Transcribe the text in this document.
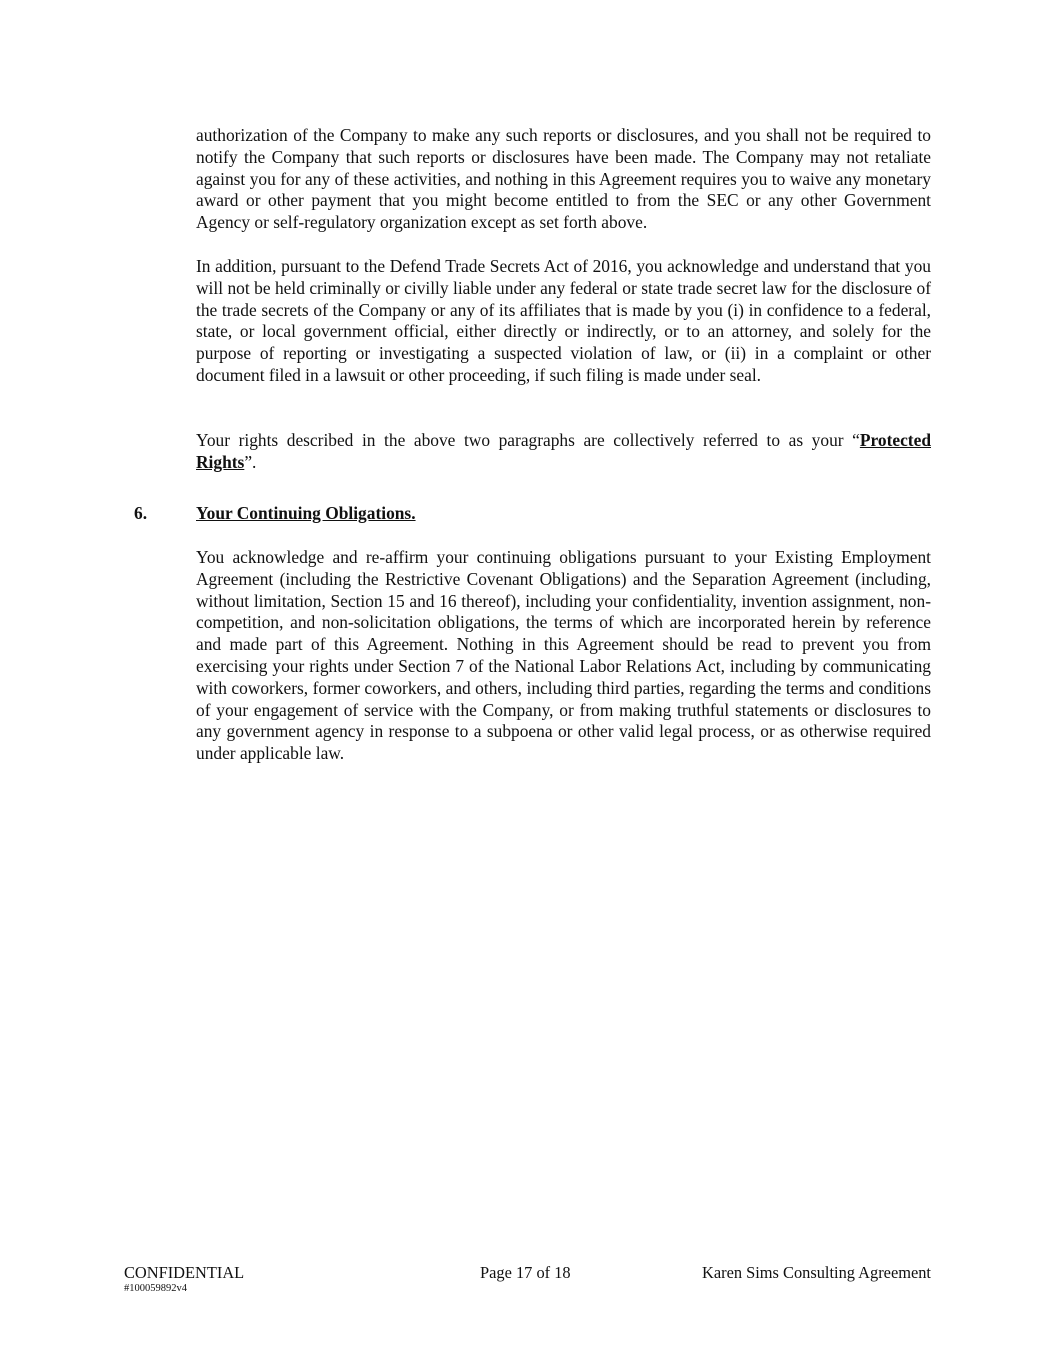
authorization of the Company to make any such reports or disclosures, and you shall not be required to notify the Company that such reports or disclosures have been made. The Company may not retaliate against you for any of these activities, and nothing in this Agreement requires you to waive any monetary award or other payment that you might become entitled to from the SEC or any other Government Agency or self-regulatory organization except as set forth above.

In addition, pursuant to the Defend Trade Secrets Act of 2016, you acknowledge and understand that you will not be held criminally or civilly liable under any federal or state trade secret law for the disclosure of the trade secrets of the Company or any of its affiliates that is made by you (i) in confidence to a federal, state, or local government official, either directly or indirectly, or to an attorney, and solely for the purpose of reporting or investigating a suspected violation of law, or (ii) in a complaint or other document filed in a lawsuit or other proceeding, if such filing is made under seal.

Your rights described in the above two paragraphs are collectively referred to as your “Protected Rights”.

6.	Your Continuing Obligations.

You acknowledge and re-affirm your continuing obligations pursuant to your Existing Employment Agreement (including the Restrictive Covenant Obligations) and the Separation Agreement (including, without limitation, Section 15 and 16 thereof), including your confidentiality, invention assignment, non-competition, and non-solicitation obligations, the terms of which are incorporated herein by reference and made part of this Agreement. Nothing in this Agreement should be read to prevent you from exercising your rights under Section 7 of the National Labor Relations Act, including by communicating with coworkers, former coworkers, and others, including third parties, regarding the terms and conditions of your engagement of service with the Company, or from making truthful statements or disclosures to any government agency in response to a subpoena or other valid legal process, or as otherwise required under applicable law.

CONFIDENTIAL	Page 17 of 18	Karen Sims Consulting Agreement
#100059892v4
